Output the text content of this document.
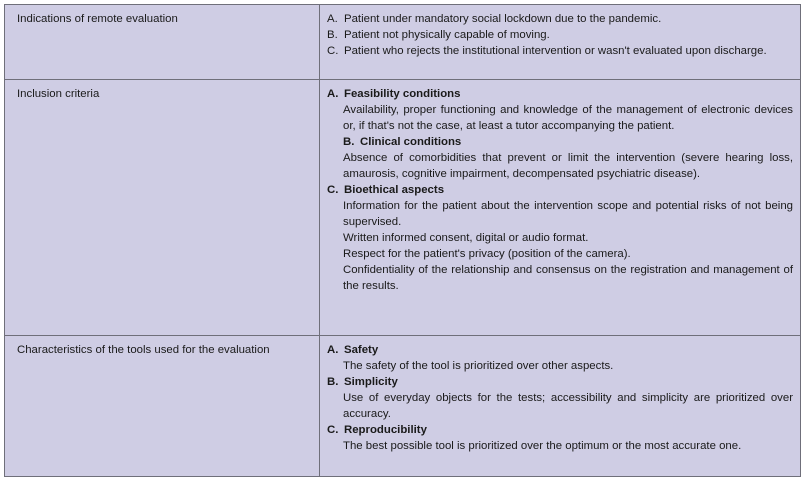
Indications of remote evaluation	A. Patient under mandatory social lockdown due to the pandemic.
B. Patient not physically capable of moving.
C. Patient who rejects the institutional intervention or wasn't evaluated upon discharge.
Inclusion criteria	A. Feasibility conditions

Availability, proper functioning and knowledge of the management of electronic devices or, if that's not the case, at least a tutor accompanying the patient.

B. Clinical conditions

Absence of comorbidities that prevent or limit the intervention (severe hearing loss, amaurosis, cognitive impairment, decompensated psychiatric disease).

C. Bioethical aspects

Information for the patient about the intervention scope and potential risks of not being supervised.

Written informed consent, digital or audio format.

Respect for the patient's privacy (position of the camera).

Confidentiality of the relationship and consensus on the registration and management of the results.

Characteristics of the tools used for the evaluation	A. Safety

The safety of the tool is prioritized over other aspects.

B. Simplicity

Use of everyday objects for the tests; accessibility and simplicity are prioritized over accuracy.

C. Reproducibility

The best possible tool is prioritized over the optimum or the most accurate one.
